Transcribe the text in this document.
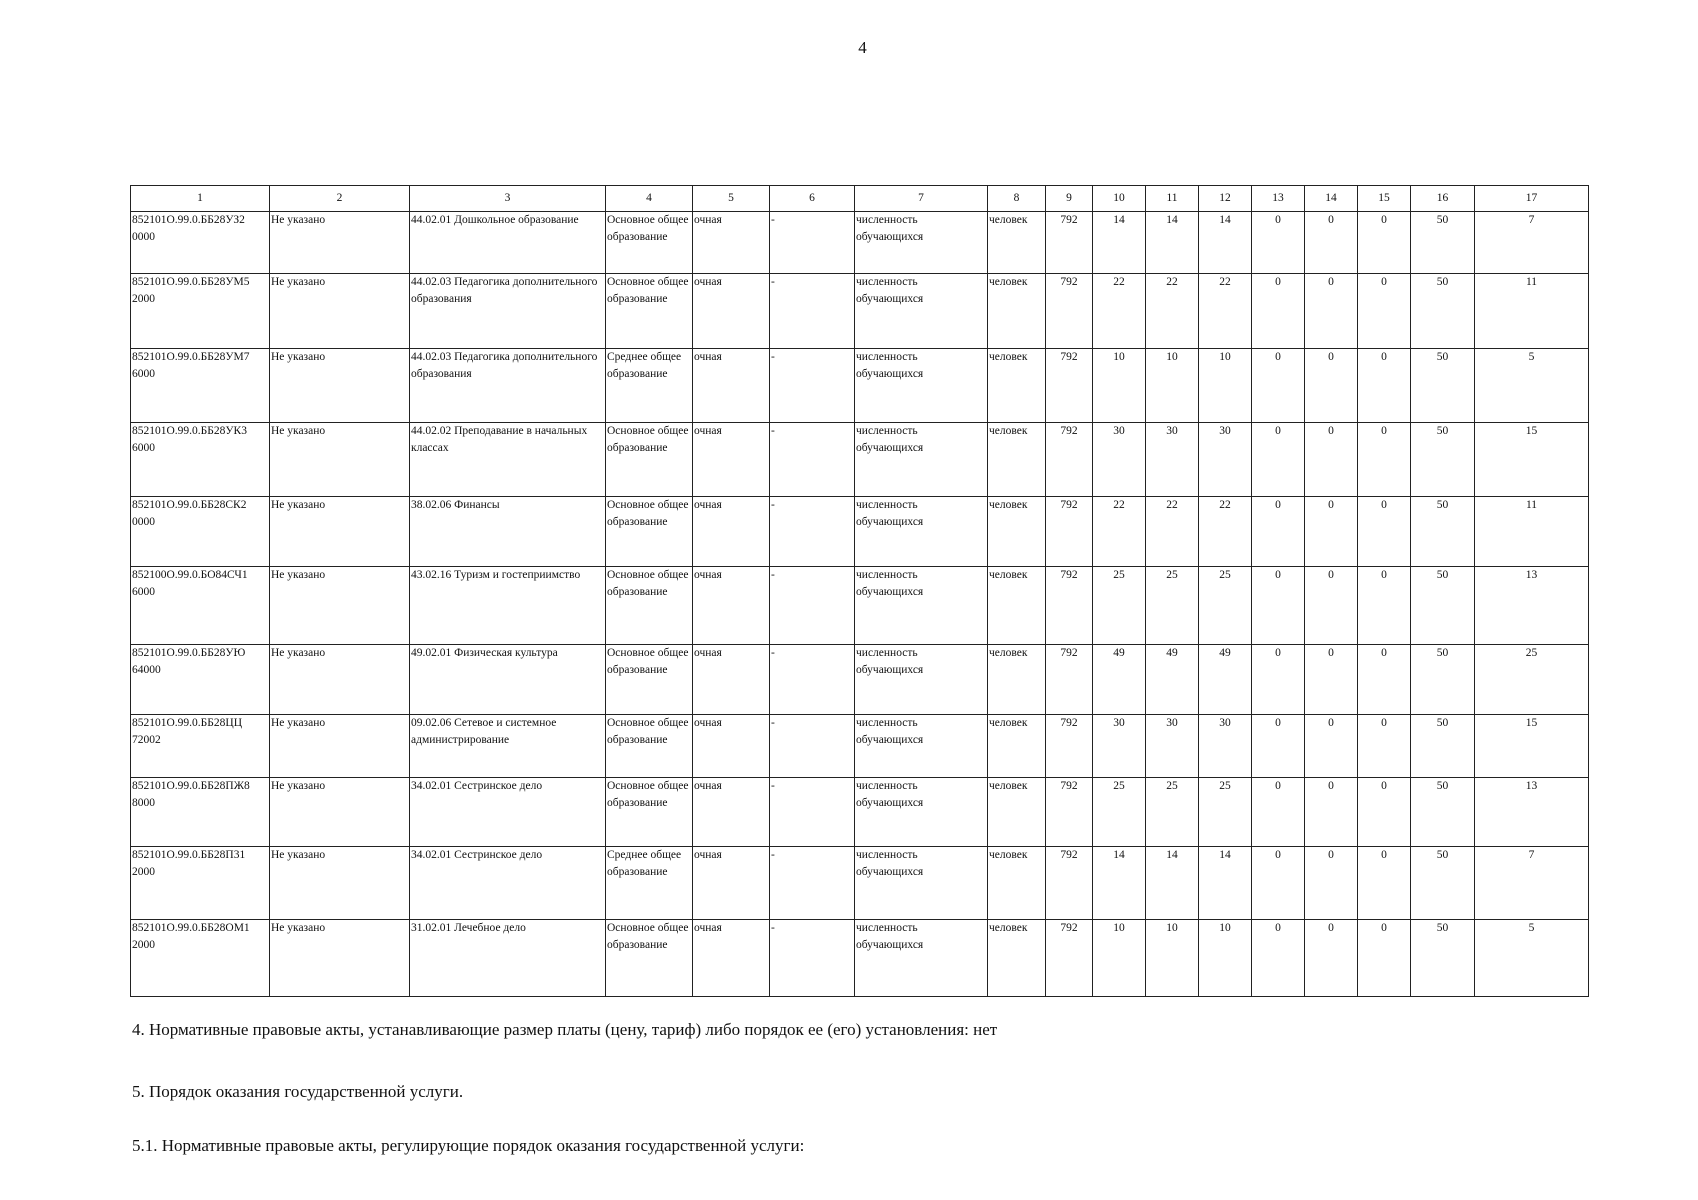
4
1	2	3	4	5	6	7	8	9	10	11	12	13	14	15	16	17
852101О.99.0.ББ28УЗ2 0000	Не указано	44.02.01 Дошкольное образование	Основное общее образование	очная	-	численность обучающихся	человек	792	14	14	14	0	0	0	50	7
852101О.99.0.ББ28УМ5 2000	Не указано	44.02.03 Педагогика дополнительного образования	Основное общее образование	очная	-	численность обучающихся	человек	792	22	22	22	0	0	0	50	11
852101О.99.0.ББ28УМ7 6000	Не указано	44.02.03 Педагогика дополнительного образования	Среднее общее образование	очная	-	численность обучающихся	человек	792	10	10	10	0	0	0	50	5
852101О.99.0.ББ28УК3 6000	Не указано	44.02.02 Преподавание в начальных классах	Основное общее образование	очная	-	численность обучающихся	человек	792	30	30	30	0	0	0	50	15
852101О.99.0.ББ28СК2 0000	Не указано	38.02.06 Финансы	Основное общее образование	очная	-	численность обучающихся	человек	792	22	22	22	0	0	0	50	11
852100О.99.0.БО84СЧ1 6000	Не указано	43.02.16 Туризм и гостеприимство	Основное общее образование	очная	-	численность обучающихся	человек	792	25	25	25	0	0	0	50	13
852101О.99.0.ББ28УЮ 64000	Не указано	49.02.01 Физическая культура	Основное общее образование	очная	-	численность обучающихся	человек	792	49	49	49	0	0	0	50	25
852101О.99.0.ББ28ЦЦ 72002	Не указано	09.02.06 Сетевое и системное администрирование	Основное общее образование	очная	-	численность обучающихся	человек	792	30	30	30	0	0	0	50	15
852101О.99.0.ББ28ПЖ8 8000	Не указано	34.02.01 Сестринское дело	Основное общее образование	очная	-	численность обучающихся	человек	792	25	25	25	0	0	0	50	13
852101О.99.0.ББ28П31 2000	Не указано	34.02.01 Сестринское дело	Среднее общее образование	очная	-	численность обучающихся	человек	792	14	14	14	0	0	0	50	7
852101О.99.0.ББ28ОМ1 2000	Не указано	31.02.01 Лечебное дело	Основное общее образование	очная	-	численность обучающихся	человек	792	10	10	10	0	0	0	50	5
4. Нормативные правовые акты, устанавливающие размер платы (цену, тариф) либо порядок ее (его) установления: нет
5. Порядок оказания государственной услуги.
5.1. Нормативные правовые акты, регулирующие порядок оказания государственной услуги:
